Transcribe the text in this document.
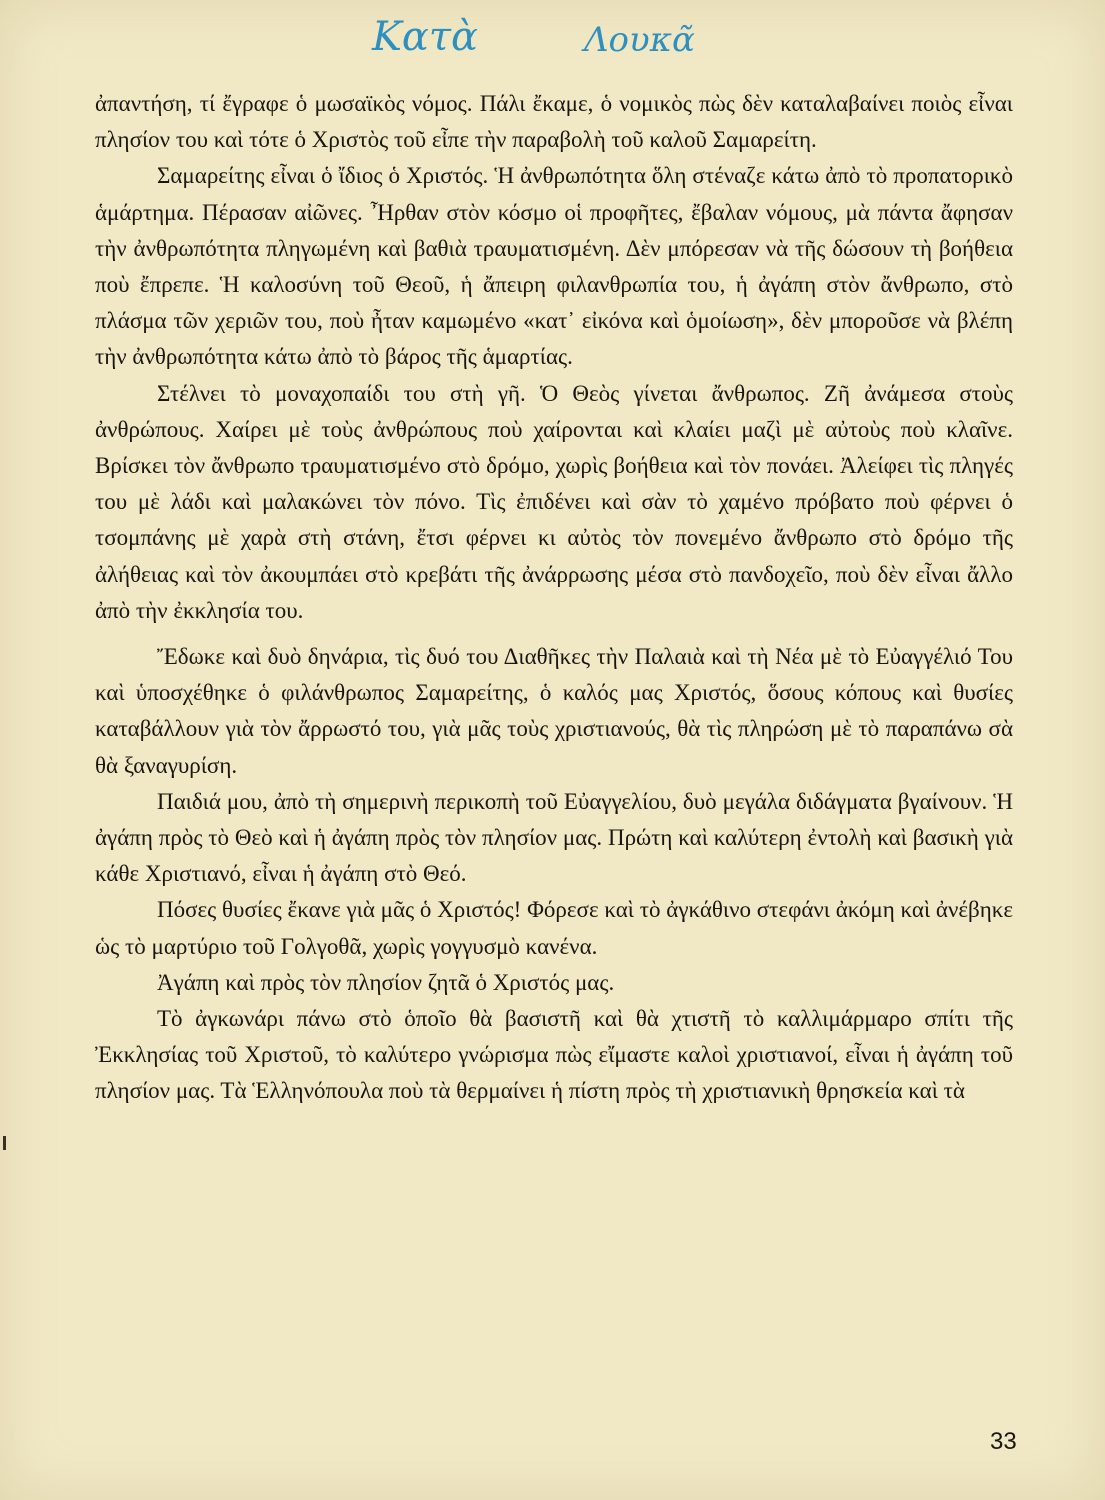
Κατὰ	Λουκᾶ

ἀπαντήση, τί ἔγραφε ὁ μωσαϊκὸς νόμος. Πάλι ἔκαμε, ὁ νομικὸς πὼς δὲν καταλαβαίνει ποιὸς εἶναι πλησίον του καὶ τότε ὁ Χριστὸς τοῦ εἶπε τὴν παραβολὴ τοῦ καλοῦ Σαμαρείτη.

Σαμαρείτης εἶναι ὁ ἴδιος ὁ Χριστός. Ἡ ἀνθρωπότητα ὅλη στέναζε κάτω ἀπὸ τὸ προπατορικὸ ἁμάρτημα. Πέρασαν αἰῶνες. Ἦρθαν στὸν κόσμο οἱ προφῆτες, ἔβαλαν νόμους, μὰ πάντα ἄφησαν τὴν ἀνθρωπότητα πληγωμένη καὶ βαθιὰ τραυματισμένη. Δὲν μπόρεσαν νὰ τῆς δώσουν τὴ βοήθεια ποὺ ἔπρεπε. Ἡ καλοσύνη τοῦ Θεοῦ, ἡ ἄπειρη φιλανθρωπία του, ἡ ἀγάπη στὸν ἄνθρωπο, στὸ πλάσμα τῶν χεριῶν του, ποὺ ἦταν καμωμένο «κατ᾽ εἰκόνα καὶ ὁμοίωση», δὲν μποροῦσε νὰ βλέπη τὴν ἀνθρωπότητα κάτω ἀπὸ τὸ βάρος τῆς ἁμαρτίας.

Στέλνει τὸ μοναχοπαίδι του στὴ γῆ. Ὁ Θεὸς γίνεται ἄνθρωπος. Ζῆ ἀνάμεσα στοὺς ἀνθρώπους. Χαίρει μὲ τοὺς ἀνθρώπους ποὺ χαίρονται καὶ κλαίει μαζὶ μὲ αὐτοὺς ποὺ κλαῖνε. Βρίσκει τὸν ἄνθρωπο τραυματισμένο στὸ δρόμο, χωρὶς βοήθεια καὶ τὸν πονάει. Ἀλείφει τὶς πληγές του μὲ λάδι καὶ μαλακώνει τὸν πόνο. Τὶς ἐπιδένει καὶ σὰν τὸ χαμένο πρόβατο ποὺ φέρνει ὁ τσομπάνης μὲ χαρὰ στὴ στάνη, ἔτσι φέρνει κι αὐτὸς τὸν πονεμένο ἄνθρωπο στὸ δρόμο τῆς ἀλήθειας καὶ τὸν ἀκουμπάει στὸ κρεβάτι τῆς ἀνάρρωσης μέσα στὸ πανδοχεῖο, ποὺ δὲν εἶναι ἄλλο ἀπὸ τὴν ἐκκλησία του.

Ἔδωκε καὶ δυὸ δηνάρια, τὶς δυό του Διαθῆκες τὴν Παλαιὰ καὶ τὴ Νέα μὲ τὸ Εὐαγγέλιό Του καὶ ὑποσχέθηκε ὁ φιλάνθρωπος Σαμαρείτης, ὁ καλός μας Χριστός, ὅσους κόπους καὶ θυσίες καταβάλλουν γιὰ τὸν ἄρρωστό του, γιὰ μᾶς τοὺς χριστιανούς, θὰ τὶς πληρώση μὲ τὸ παραπάνω σὰ θὰ ξαναγυρίση.

Παιδιά μου, ἀπὸ τὴ σημερινὴ περικοπὴ τοῦ Εὐαγγελίου, δυὸ μεγάλα διδάγματα βγαίνουν. Ἡ ἀγάπη πρὸς τὸ Θεὸ καὶ ἡ ἀγάπη πρὸς τὸν πλησίον μας. Πρώτη καὶ καλύτερη ἐντολὴ καὶ βασικὴ γιὰ κάθε Χριστιανό, εἶναι ἡ ἀγάπη στὸ Θεό.

Πόσες θυσίες ἔκανε γιὰ μᾶς ὁ Χριστός! Φόρεσε καὶ τὸ ἀγκάθινο στεφάνι ἀκόμη καὶ ἀνέβηκε ὡς τὸ μαρτύριο τοῦ Γολγοθᾶ, χωρὶς γογγυσμὸ κανένα.

Ἀγάπη καὶ πρὸς τὸν πλησίον ζητᾶ ὁ Χριστός μας.

Τὸ ἀγκωνάρι πάνω στὸ ὁποῖο θὰ βασιστῆ καὶ θὰ χτιστῆ τὸ καλλιμάρμαρο σπίτι τῆς Ἐκκλησίας τοῦ Χριστοῦ, τὸ καλύτερο γνώρισμα πὼς εἴμαστε καλοὶ χριστιανοί, εἶναι ἡ ἀγάπη τοῦ πλησίον μας. Τὰ Ἑλληνόπουλα ποὺ τὰ θερμαίνει ἡ πίστη πρὸς τὴ χριστιανικὴ θρησκεία καὶ τὰ

33
